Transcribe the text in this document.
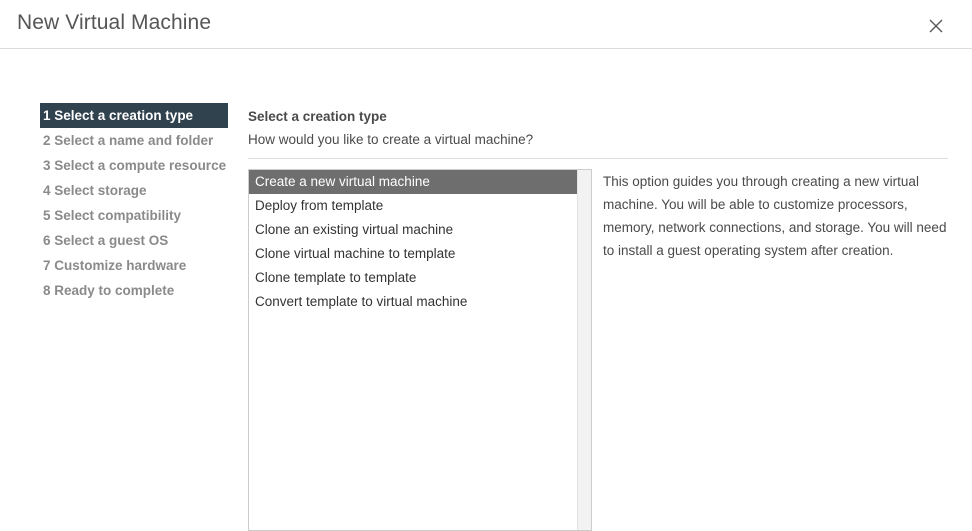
New Virtual Machine
1 Select a creation type
2 Select a name and folder
3 Select a compute resource
4 Select storage
5 Select compatibility
6 Select a guest OS
7 Customize hardware
8 Ready to complete
Select a creation type
How would you like to create a virtual machine?
Create a new virtual machine
Deploy from template
Clone an existing virtual machine
Clone virtual machine to template
Clone template to template
Convert template to virtual machine
This option guides you through creating a new virtual machine. You will be able to customize processors, memory, network connections, and storage. You will need to install a guest operating system after creation.
